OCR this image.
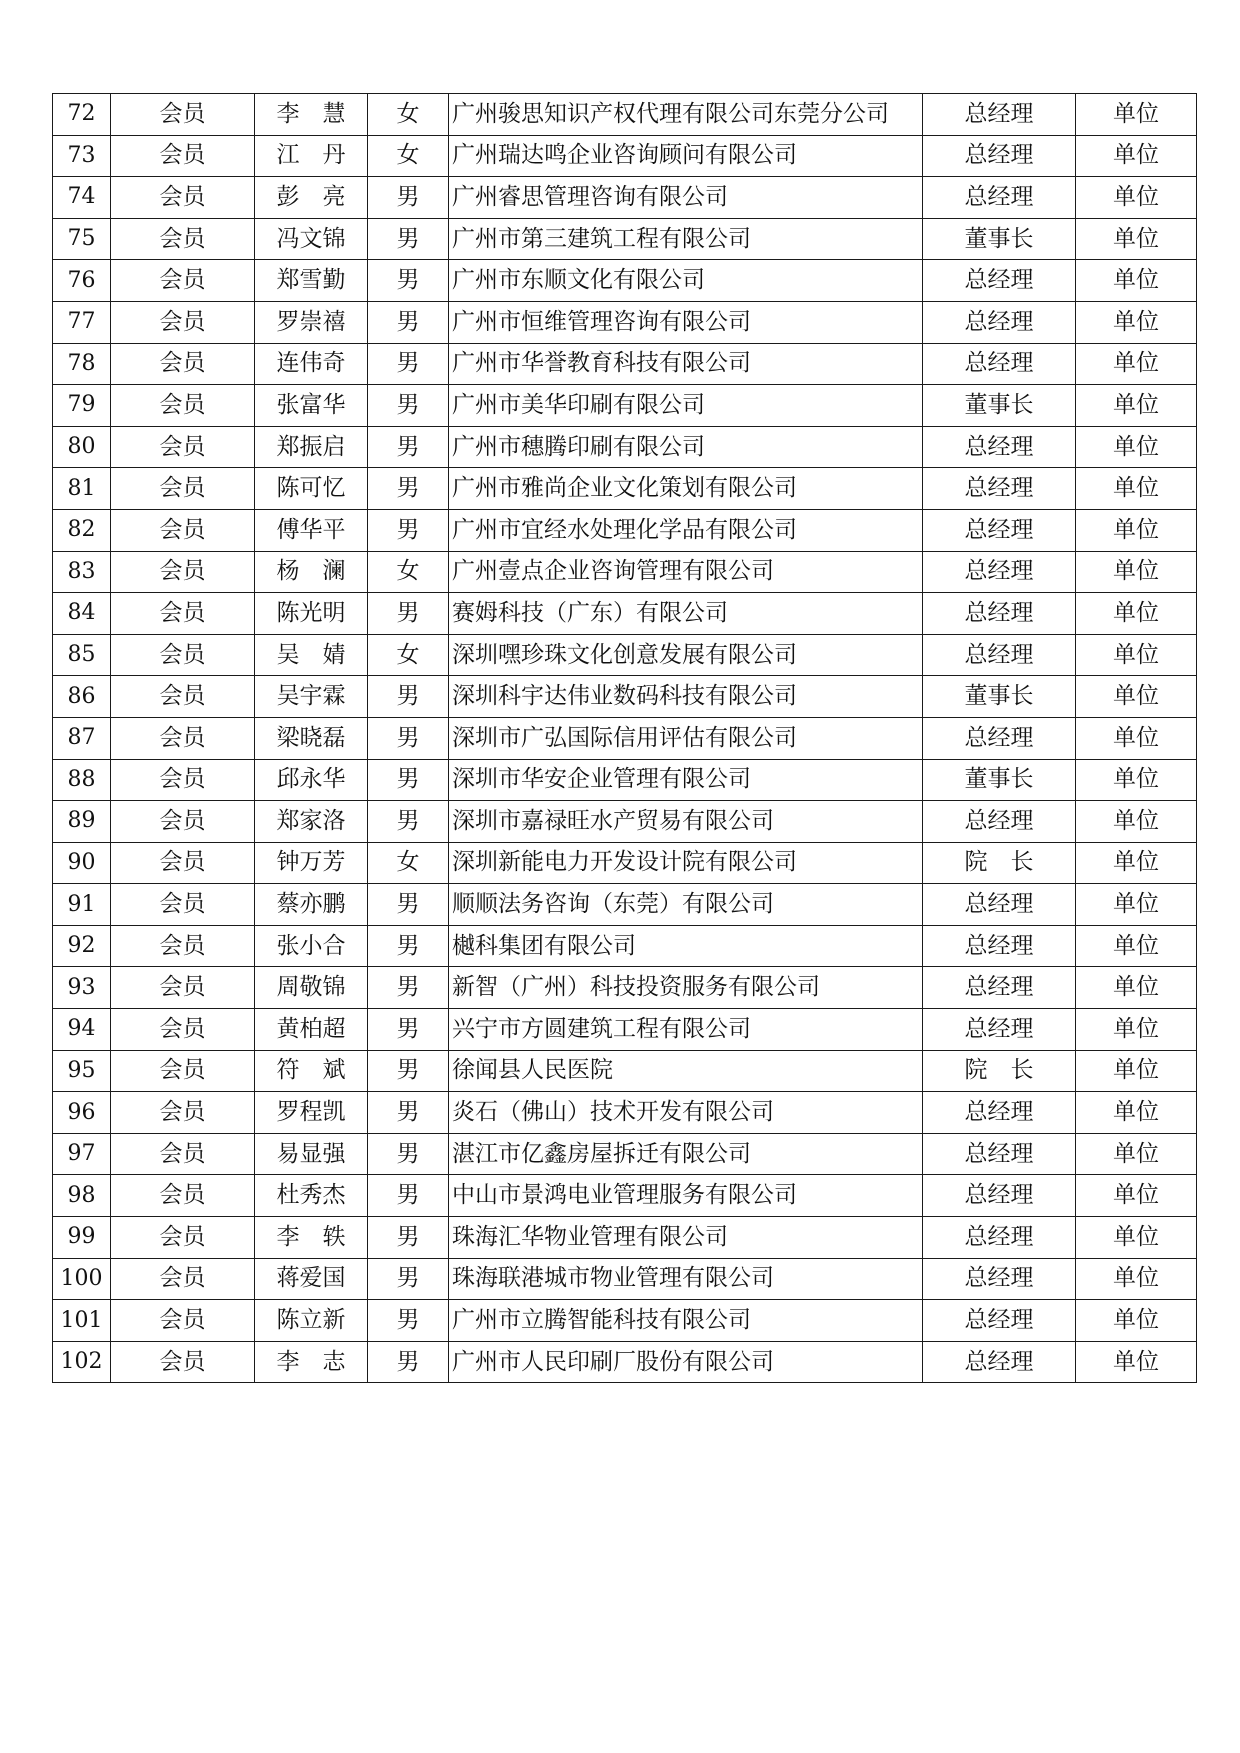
72	会员	李　慧	女	广州骏思知识产权代理有限公司东莞分公司	总经理	单位
73	会员	江　丹	女	广州瑞达鸣企业咨询顾问有限公司	总经理	单位
74	会员	彭　亮	男	广州睿思管理咨询有限公司	总经理	单位
75	会员	冯文锦	男	广州市第三建筑工程有限公司	董事长	单位
76	会员	郑雪勤	男	广州市东顺文化有限公司	总经理	单位
77	会员	罗崇禧	男	广州市恒维管理咨询有限公司	总经理	单位
78	会员	连伟奇	男	广州市华誉教育科技有限公司	总经理	单位
79	会员	张富华	男	广州市美华印刷有限公司	董事长	单位
80	会员	郑振启	男	广州市穗腾印刷有限公司	总经理	单位
81	会员	陈可忆	男	广州市雅尚企业文化策划有限公司	总经理	单位
82	会员	傅华平	男	广州市宜经水处理化学品有限公司	总经理	单位
83	会员	杨　澜	女	广州壹点企业咨询管理有限公司	总经理	单位
84	会员	陈光明	男	赛姆科技（广东）有限公司	总经理	单位
85	会员	吴　婧	女	深圳嘿珍珠文化创意发展有限公司	总经理	单位
86	会员	吴宇霖	男	深圳科宇达伟业数码科技有限公司	董事长	单位
87	会员	梁晓磊	男	深圳市广弘国际信用评估有限公司	总经理	单位
88	会员	邱永华	男	深圳市华安企业管理有限公司	董事长	单位
89	会员	郑家洛	男	深圳市嘉禄旺水产贸易有限公司	总经理	单位
90	会员	钟万芳	女	深圳新能电力开发设计院有限公司	院　长	单位
91	会员	蔡亦鹏	男	顺顺法务咨询（东莞）有限公司	总经理	单位
92	会员	张小合	男	樾科集团有限公司	总经理	单位
93	会员	周敬锦	男	新智（广州）科技投资服务有限公司	总经理	单位
94	会员	黄柏超	男	兴宁市方圆建筑工程有限公司	总经理	单位
95	会员	符　斌	男	徐闻县人民医院	院　长	单位
96	会员	罗程凯	男	炎石（佛山）技术开发有限公司	总经理	单位
97	会员	易显强	男	湛江市亿鑫房屋拆迁有限公司	总经理	单位
98	会员	杜秀杰	男	中山市景鸿电业管理服务有限公司	总经理	单位
99	会员	李　轶	男	珠海汇华物业管理有限公司	总经理	单位
100	会员	蒋爱国	男	珠海联港城市物业管理有限公司	总经理	单位
101	会员	陈立新	男	广州市立腾智能科技有限公司	总经理	单位
102	会员	李　志	男	广州市人民印刷厂股份有限公司	总经理	单位
